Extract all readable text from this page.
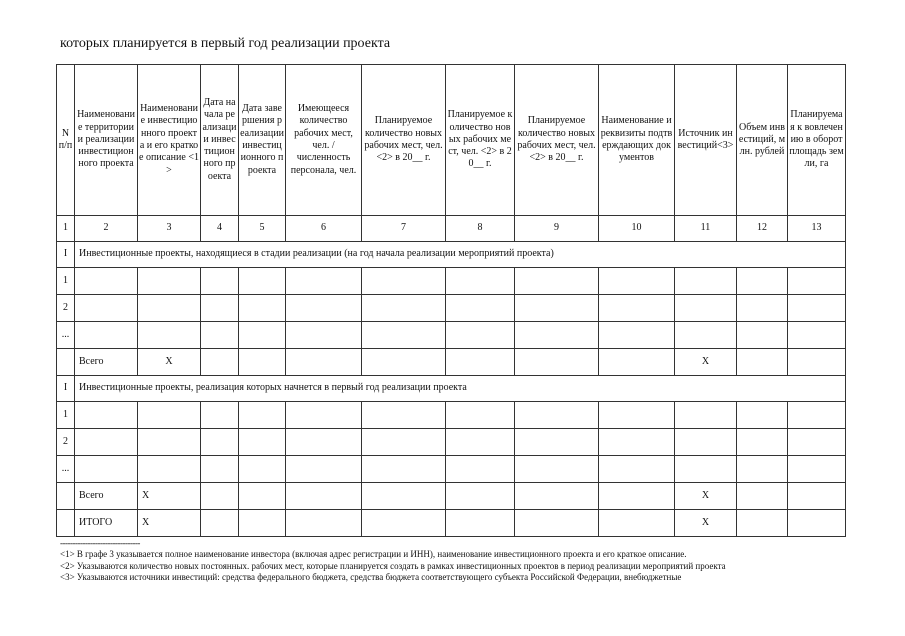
которых планируется в первый год реализации проекта
N п/п	Наименование территории и реализации инвестиционного проекта	Наименование инвестиционного проекта и его краткое описание <1>	Дата начала реализации инвестиционного проекта	Дата завершения реализации инвестиционного проекта	Имеющееся количество рабочих мест, чел. / численность персонала, чел.	Планируемое количество новых рабочих мест, чел. <2> в 20__ г.	Планируемое количество новых рабочих мест, чел. <2> в 20__ г.	Планируемое количество новых рабочих мест, чел. <2> в 20__ г.	Наименование и реквизиты подтверждающих документов	Источник инвестиций<3>	Объем инвестиций, млн. рублей	Планируемая к вовлечению в оборот площадь земли, га
1	2	3	4	5	6	7	8	9	10	11	12	13
I	Инвестиционные проекты, находящиеся в стадии реализации (на год начала реализации мероприятий проекта)											
1												
2												
...												
	Всего	X								X		
I	Инвестиционные проекты, реализация которых начнется в первый год реализации проекта											
1												
2												
...												
	Всего	X								X		
	ИТОГО	X								X		
--------------------------------

<1> В графе 3 указывается полное наименование инвестора (включая адрес регистрации и ИНН), наименование инвестиционного проекта и его краткое описание.

<2> Указываются количество новых постоянных. рабочих мест, которые планируется создать в рамках инвестиционных проектов в период реализации мероприятий проекта

<3> Указываются источники инвестиций: средства федерального бюджета, средства бюджета соответствующего субъекта Российской Федерации, внебюджетные
